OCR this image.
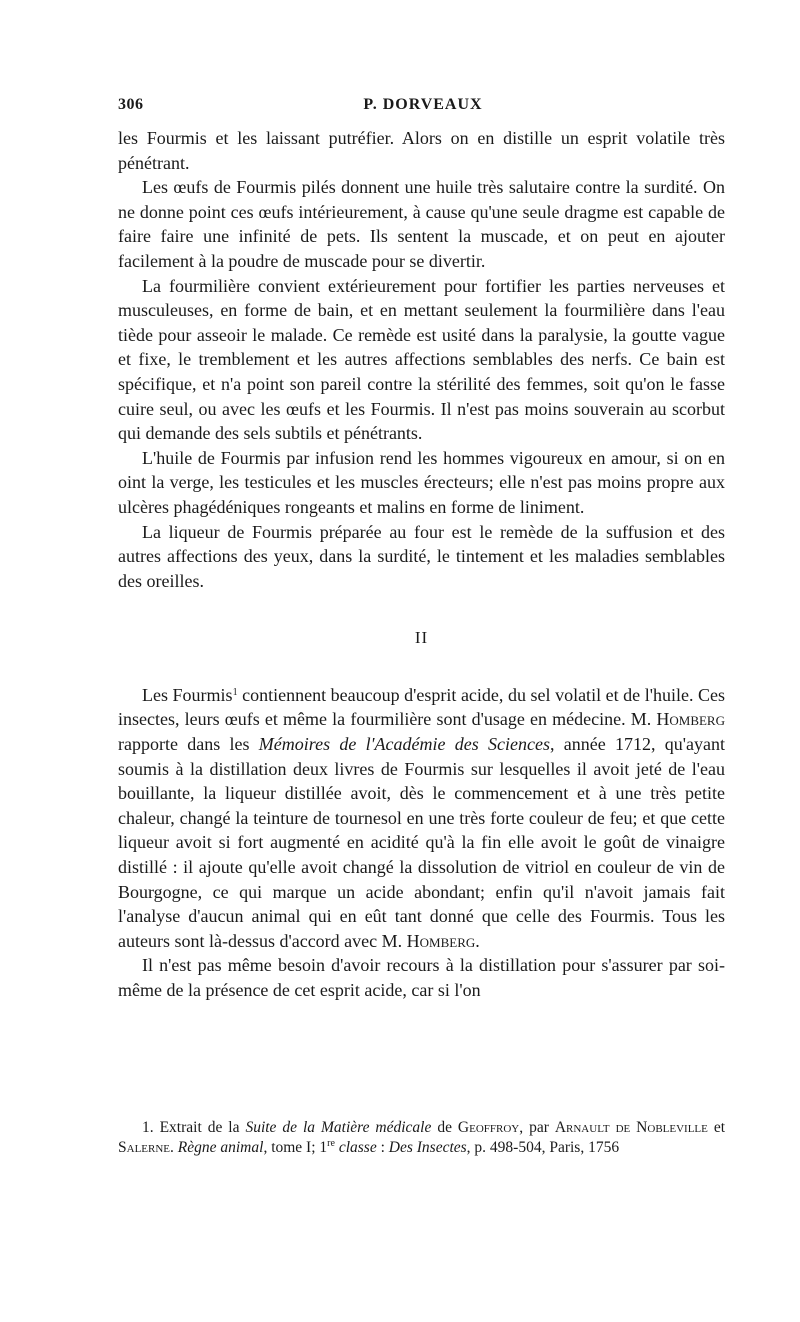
306	P. DORVEAUX

les Fourmis et les laissant putréfier. Alors on en distille un esprit volatile très pénétrant.

Les œufs de Fourmis pilés donnent une huile très salutaire contre la surdité. On ne donne point ces œufs intérieurement, à cause qu'une seule dragme est capable de faire faire une infinité de pets. Ils sentent la muscade, et on peut en ajouter facilement à la poudre de muscade pour se divertir.

La fourmilière convient extérieurement pour fortifier les parties nerveuses et musculeuses, en forme de bain, et en mettant seulement la fourmilière dans l'eau tiède pour asseoir le malade. Ce remède est usité dans la paralysie, la goutte vague et fixe, le tremblement et les autres affections semblables des nerfs. Ce bain est spécifique, et n'a point son pareil contre la stérilité des femmes, soit qu'on le fasse cuire seul, ou avec les œufs et les Fourmis. Il n'est pas moins souverain au scorbut qui demande des sels subtils et pénétrants.

L'huile de Fourmis par infusion rend les hommes vigoureux en amour, si on en oint la verge, les testicules et les muscles érecteurs; elle n'est pas moins propre aux ulcères phagédéniques rongeants et malins en forme de liniment.

La liqueur de Fourmis préparée au four est le remède de la suffusion et des autres affections des yeux, dans la surdité, le tintement et les maladies semblables des oreilles.

II

Les Fourmis$^1$ contiennent beaucoup d'esprit acide, du sel volatil et de l'huile. Ces insectes, leurs œufs et même la fourmilière sont d'usage en médecine. M. Homberg rapporte dans les Mémoires de l'Académie des Sciences, année 1712, qu'ayant soumis à la distillation deux livres de Fourmis sur lesquelles il avoit jeté de l'eau bouillante, la liqueur distillée avoit, dès le commencement et à une très petite chaleur, changé la teinture de tournesol en une très forte couleur de feu; et que cette liqueur avoit si fort augmenté en acidité qu'à la fin elle avoit le goût de vinaigre distillé : il ajoute qu'elle avoit changé la dissolution de vitriol en couleur de vin de Bourgogne, ce qui marque un acide abondant; enfin qu'il n'avoit jamais fait l'analyse d'aucun animal qui en eût tant donné que celle des Fourmis. Tous les auteurs sont là-dessus d'accord avec M. Homberg.

Il n'est pas même besoin d'avoir recours à la distillation pour s'assurer par soi-même de la présence de cet esprit acide, car si l'on

1. Extrait de la Suite de la Matière médicale de Geoffroy, par Arnault de Nobleville et Salerne. Règne animal, tome I; 1re classe : Des Insectes, p. 498-504, Paris, 1756
